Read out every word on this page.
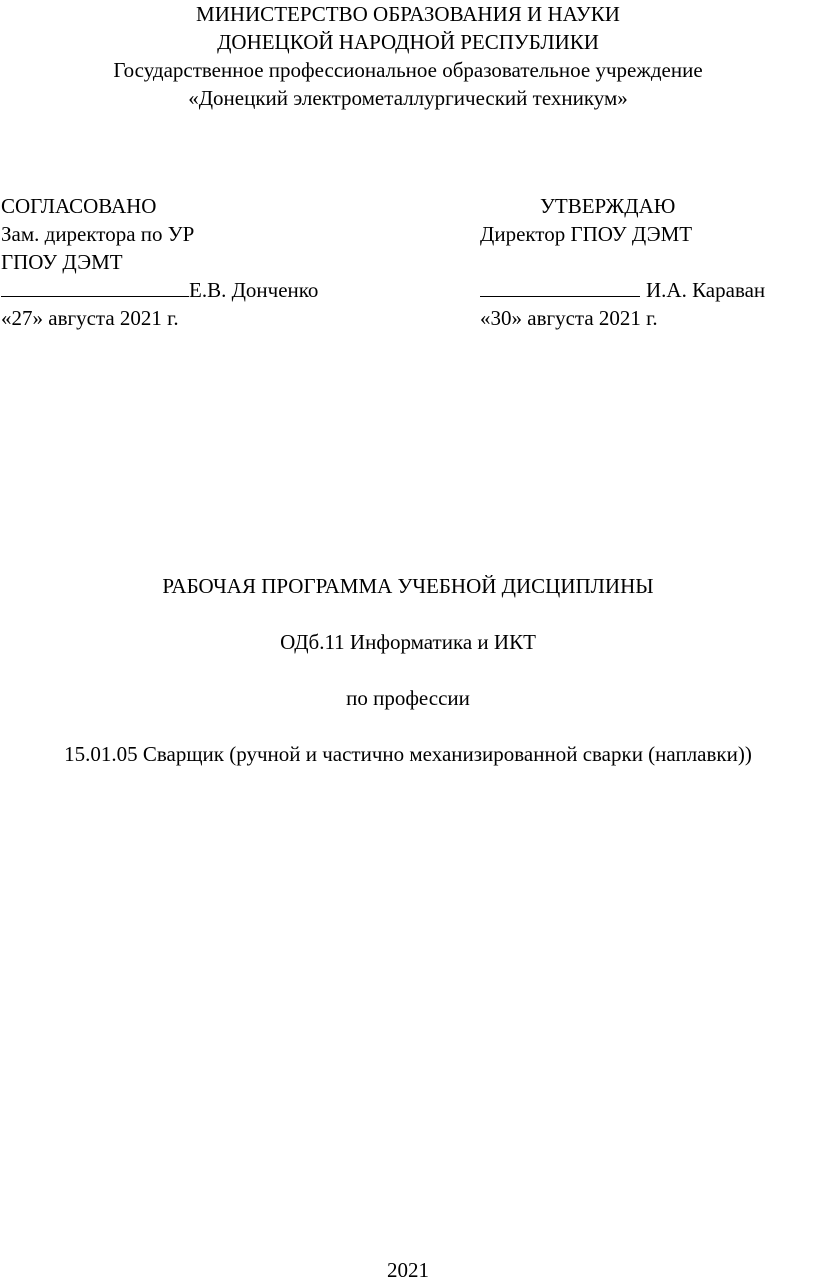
МИНИСТЕРСТВО ОБРАЗОВАНИЯ И НАУКИ
ДОНЕЦКОЙ НАРОДНОЙ РЕСПУБЛИКИ
Государственное профессиональное образовательное учреждение
«Донецкий электрометаллургический техникум»
СОГЛАСОВАНО
Зам. директора по УР
ГПОУ ДЭМТ
Е.В. Донченко
«27» августа 2021 г.
УТВЕРЖДАЮ
Директор ГПОУ ДЭМТ
И.А. Караван
«30» августа 2021 г.
РАБОЧАЯ ПРОГРАММА УЧЕБНОЙ ДИСЦИПЛИНЫ
ОДб.11 Информатика и ИКТ
по профессии
15.01.05 Сварщик (ручной и частично механизированной сварки (наплавки))
2021
